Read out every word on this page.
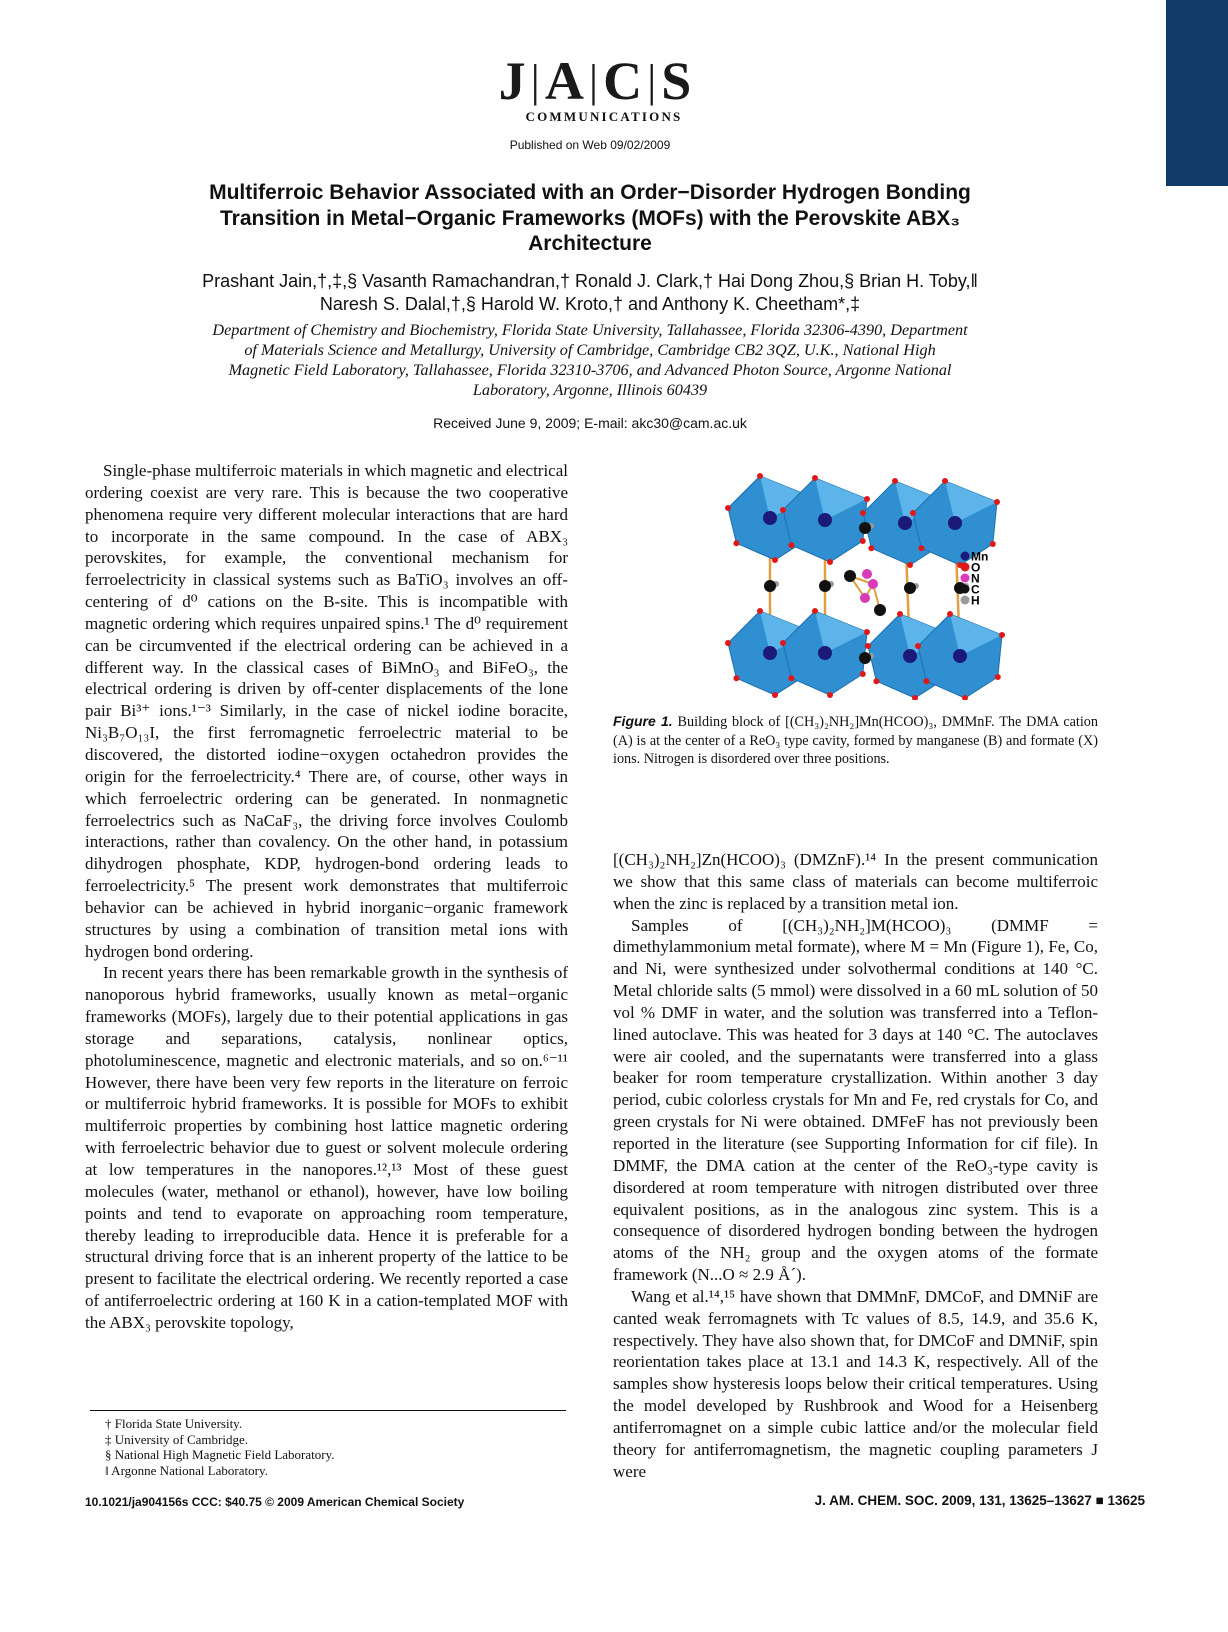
J|A|C|S
COMMUNICATIONS
Published on Web 09/02/2009
Multiferroic Behavior Associated with an Order−Disorder Hydrogen Bonding
Transition in Metal−Organic Frameworks (MOFs) with the Perovskite ABX₃
Architecture
Prashant Jain,†,‡,§ Vasanth Ramachandran,† Ronald J. Clark,† Hai Dong Zhou,§ Brian H. Toby,‖
Naresh S. Dalal,†,§ Harold W. Kroto,† and Anthony K. Cheetham*,‡
Department of Chemistry and Biochemistry, Florida State University, Tallahassee, Florida 32306-4390, Department
of Materials Science and Metallurgy, University of Cambridge, Cambridge CB2 3QZ, U.K., National High
Magnetic Field Laboratory, Tallahassee, Florida 32310-3706, and Advanced Photon Source, Argonne National
Laboratory, Argonne, Illinois 60439
Received June 9, 2009; E-mail: akc30@cam.ac.uk

Single-phase multiferroic materials in which magnetic and electrical ordering coexist are very rare. This is because the two cooperative phenomena require very different molecular interactions that are hard to incorporate in the same compound. In the case of ABX₃ perovskites, for example, the conventional mechanism for ferroelectricity in classical systems such as BaTiO₃ involves an off-centering of d⁰ cations on the B-site. This is incompatible with magnetic ordering which requires unpaired spins.¹ The d⁰ requirement can be circumvented if the electrical ordering can be achieved in a different way. In the classical cases of BiMnO₃ and BiFeO₃, the electrical ordering is driven by off-center displacements of the lone pair Bi³⁺ ions.¹⁻³ Similarly, in the case of nickel iodine boracite, Ni₃B₇O₁₃I, the first ferromagnetic ferroelectric material to be discovered, the distorted iodine−oxygen octahedron provides the origin for the ferroelectricity.⁴ There are, of course, other ways in which ferroelectric ordering can be generated. In nonmagnetic ferroelectrics such as NaCaF₃, the driving force involves Coulomb interactions, rather than covalency. On the other hand, in potassium dihydrogen phosphate, KDP, hydrogen-bond ordering leads to ferroelectricity.⁵ The present work demonstrates that multiferroic behavior can be achieved in hybrid inorganic−organic framework structures by using a combination of transition metal ions with hydrogen bond ordering.

In recent years there has been remarkable growth in the synthesis of nanoporous hybrid frameworks, usually known as metal−organic frameworks (MOFs), largely due to their potential applications in gas storage and separations, catalysis, nonlinear optics, photoluminescence, magnetic and electronic materials, and so on.⁶⁻¹¹ However, there have been very few reports in the literature on ferroic or multiferroic hybrid frameworks. It is possible for MOFs to exhibit multiferroic properties by combining host lattice magnetic ordering with ferroelectric behavior due to guest or solvent molecule ordering at low temperatures in the nanopores.¹²,¹³ Most of these guest molecules (water, methanol or ethanol), however, have low boiling points and tend to evaporate on approaching room temperature, thereby leading to irreproducible data. Hence it is preferable for a structural driving force that is an inherent property of the lattice to be present to facilitate the electrical ordering. We recently reported a case of antiferroelectric ordering at 160 K in a cation-templated MOF with the ABX₃ perovskite topology,

Mn
O
N
C
H
Figure 1. Building block of [(CH₃)₂NH₂]Mn(HCOO)₃, DMMnF. The DMA cation (A) is at the center of a ReO₃ type cavity, formed by manganese (B) and formate (X) ions. Nitrogen is disordered over three positions.

[(CH₃)₂NH₂]Zn(HCOO)₃ (DMZnF).¹⁴ In the present communication we show that this same class of materials can become multiferroic when the zinc is replaced by a transition metal ion.

Samples of [(CH₃)₂NH₂]M(HCOO)₃ (DMMF = dimethylammonium metal formate), where M = Mn (Figure 1), Fe, Co, and Ni, were synthesized under solvothermal conditions at 140 °C. Metal chloride salts (5 mmol) were dissolved in a 60 mL solution of 50 vol % DMF in water, and the solution was transferred into a Teflon-lined autoclave. This was heated for 3 days at 140 °C. The autoclaves were air cooled, and the supernatants were transferred into a glass beaker for room temperature crystallization. Within another 3 day period, cubic colorless crystals for Mn and Fe, red crystals for Co, and green crystals for Ni were obtained. DMFeF has not previously been reported in the literature (see Supporting Information for cif file). In DMMF, the DMA cation at the center of the ReO₃-type cavity is disordered at room temperature with nitrogen distributed over three equivalent positions, as in the analogous zinc system. This is a consequence of disordered hydrogen bonding between the hydrogen atoms of the NH₂ group and the oxygen atoms of the formate framework (N...O ≈ 2.9 Å´).

Wang et al.¹⁴,¹⁵ have shown that DMMnF, DMCoF, and DMNiF are canted weak ferromagnets with Tc values of 8.5, 14.9, and 35.6 K, respectively. They have also shown that, for DMCoF and DMNiF, spin reorientation takes place at 13.1 and 14.3 K, respectively. All of the samples show hysteresis loops below their critical temperatures. Using the model developed by Rushbrook and Wood for a Heisenberg antiferromagnet on a simple cubic lattice and/or the molecular field theory for antiferromagnetism, the magnetic coupling parameters J were

† Florida State University.
‡ University of Cambridge.
§ National High Magnetic Field Laboratory.
‖ Argonne National Laboratory.
10.1021/ja904156s CCC: $40.75 © 2009 American Chemical Society	J. AM. CHEM. SOC. 2009, 131, 13625–13627 ■ 13625
